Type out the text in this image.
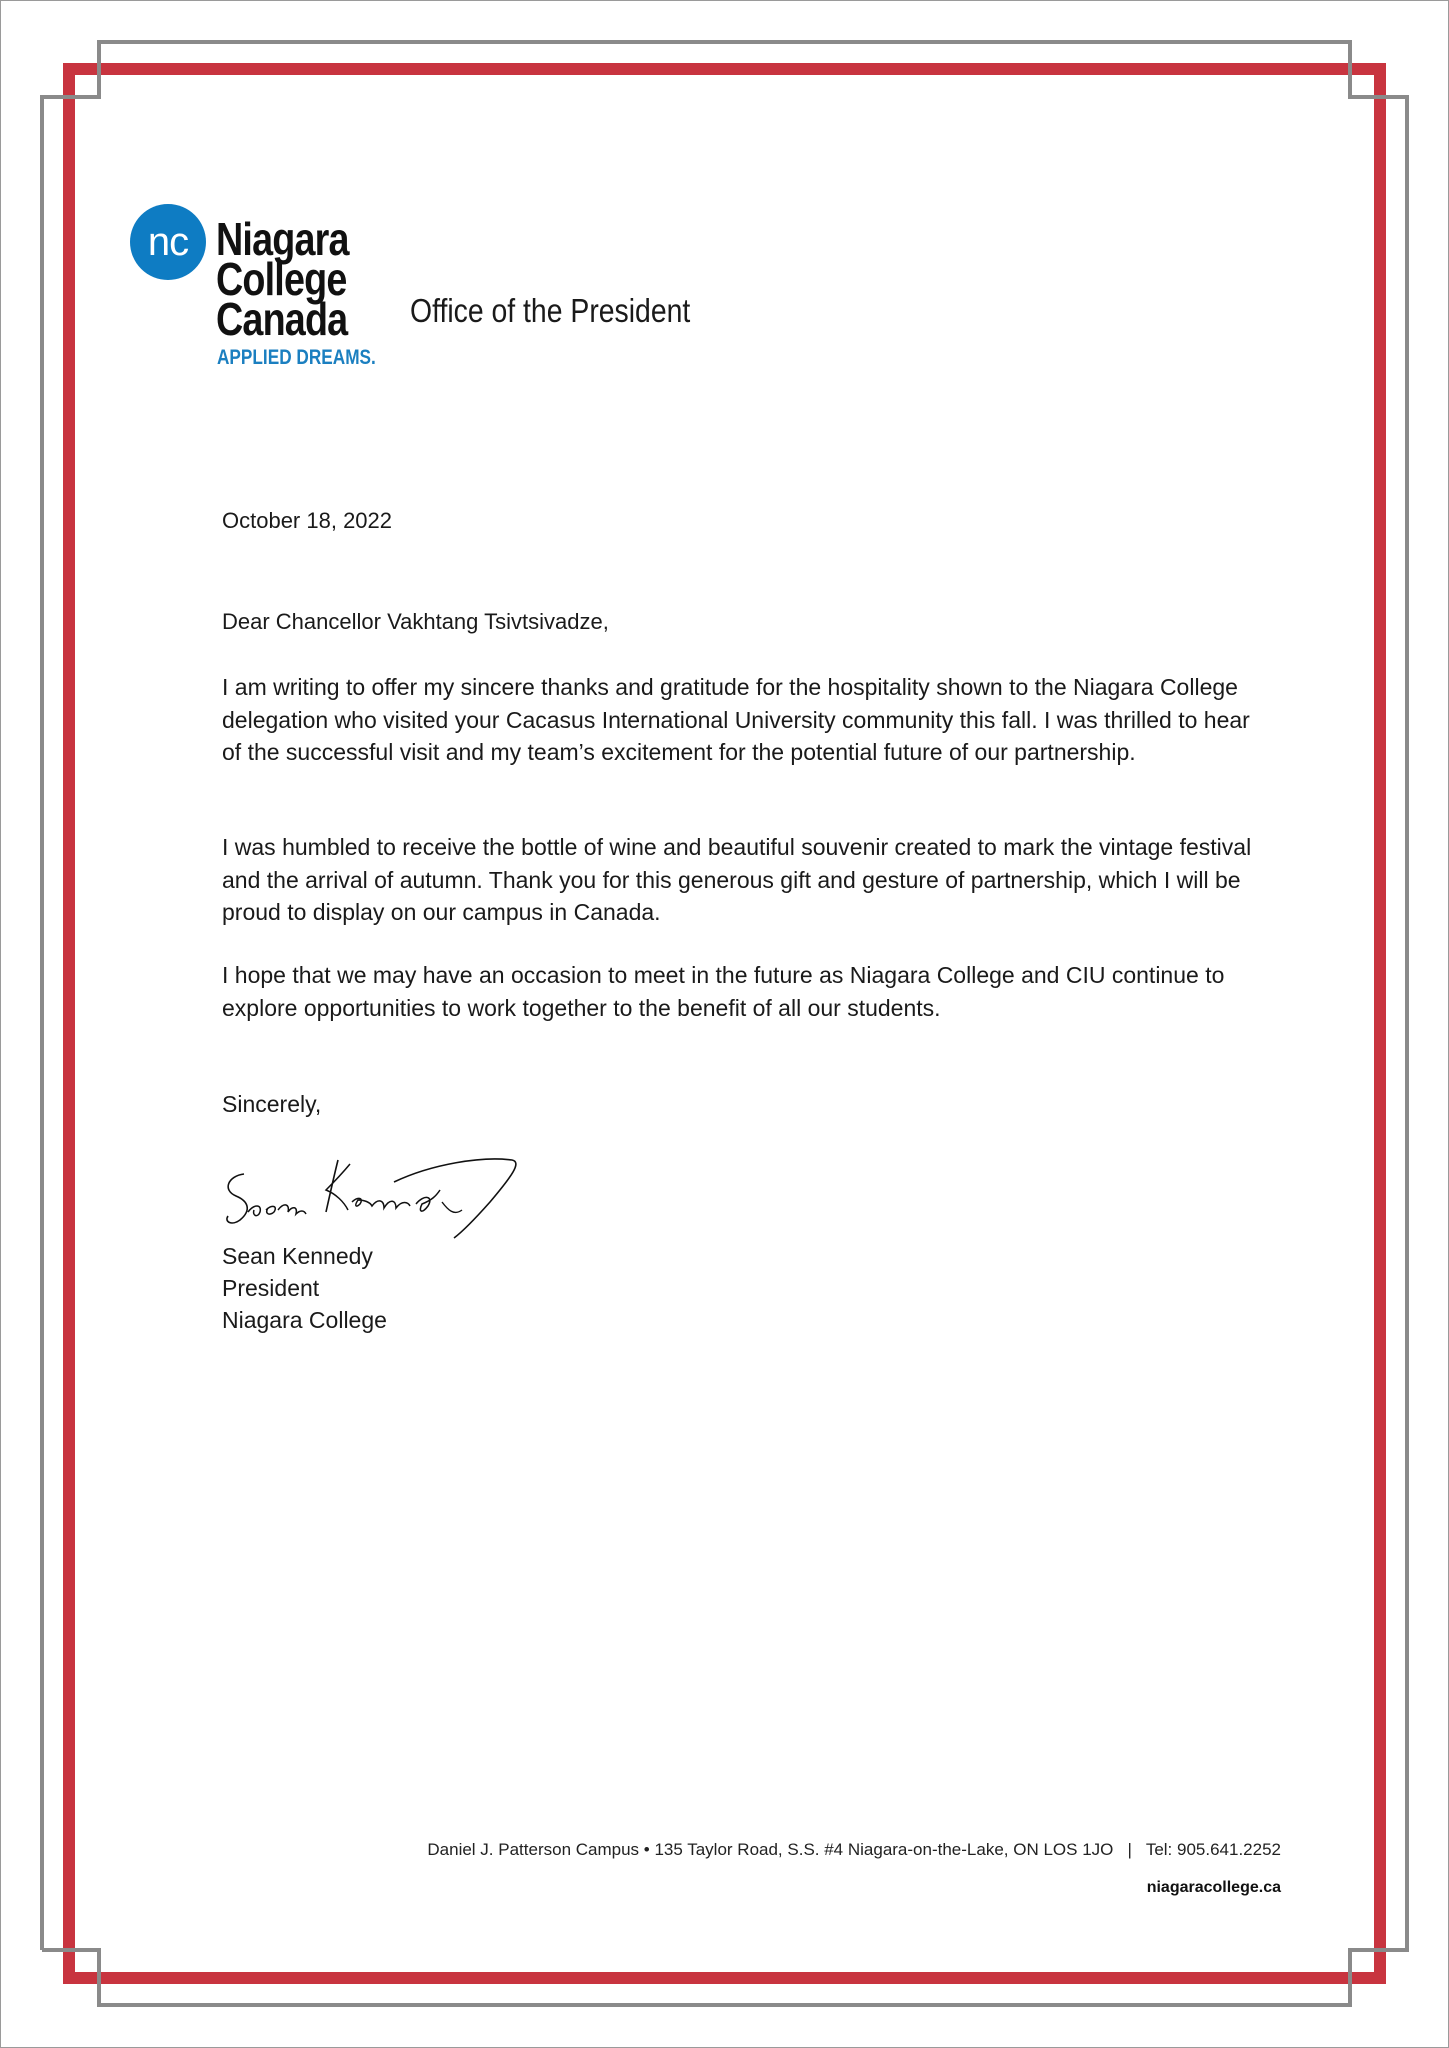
nc Niagara
College
Canada
APPLIED DREAMS.
Office of the President
October 18, 2022
Dear Chancellor Vakhtang Tsivtsivadze,
I am writing to offer my sincere thanks and gratitude for the hospitality shown to the Niagara College delegation who visited your Cacasus International University community this fall. I was thrilled to hear of the successful visit and my team’s excitement for the potential future of our partnership.
I was humbled to receive the bottle of wine and beautiful souvenir created to mark the vintage festival and the arrival of autumn. Thank you for this generous gift and gesture of partnership, which I will be proud to display on our campus in Canada.
I hope that we may have an occasion to meet in the future as Niagara College and CIU continue to explore opportunities to work together to the benefit of all our students.
Sincerely,
Sean Kennedy
President
Niagara College
Daniel J. Patterson Campus • 135 Taylor Road, S.S. #4 Niagara-on-the-Lake, ON LOS 1JO   |   Tel: 905.641.2252
niagaracollege.ca
